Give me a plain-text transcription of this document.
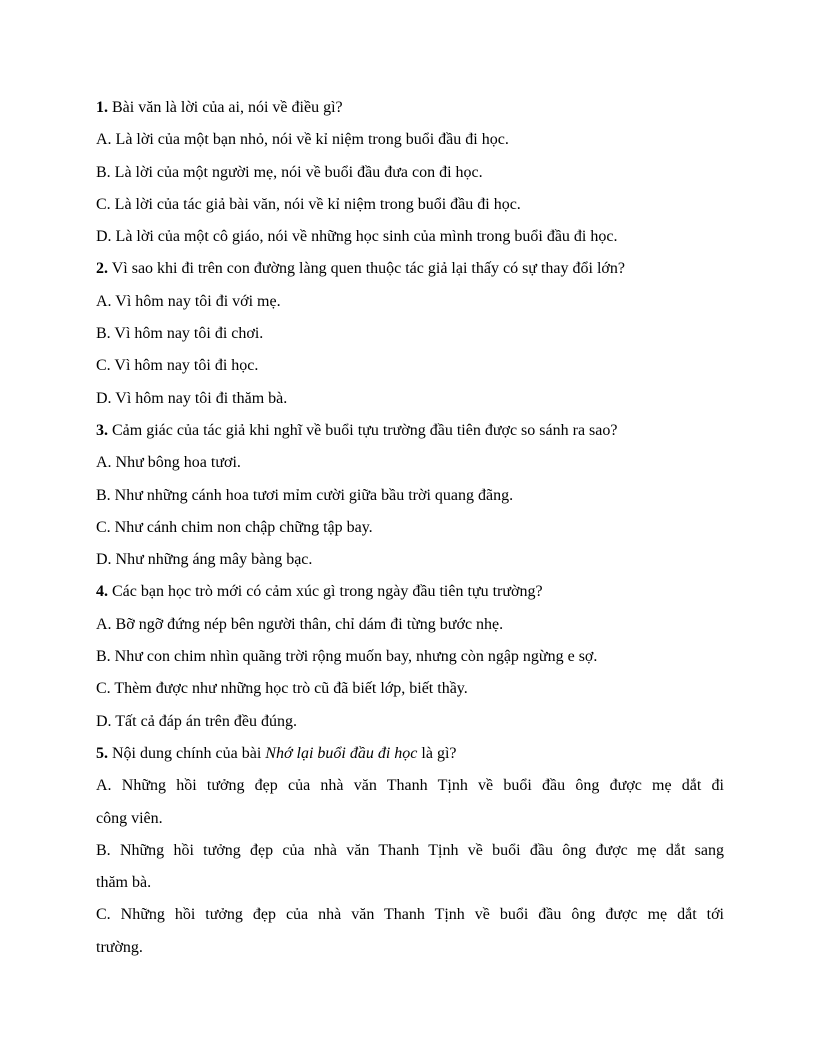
1. Bài văn là lời của ai, nói về điều gì?
A. Là lời của một bạn nhỏ, nói về kỉ niệm trong buổi đầu đi học.
B. Là lời của một người mẹ, nói về buổi đầu đưa con đi học.
C. Là lời của tác giả bài văn, nói về kỉ niệm trong buổi đầu đi học.
D. Là lời của một cô giáo, nói về những học sinh của mình trong buổi đầu đi học.
2. Vì sao khi đi trên con đường làng quen thuộc tác giả lại thấy có sự thay đổi lớn?
A. Vì hôm nay tôi đi với mẹ.
B. Vì hôm nay tôi đi chơi.
C. Vì hôm nay tôi đi học.
D. Vì hôm nay tôi đi thăm bà.
3. Cảm giác của tác giả khi nghĩ về buổi tựu trường đầu tiên được so sánh ra sao?
A. Như bông hoa tươi.
B. Như những cánh hoa tươi mỉm cười giữa bầu trời quang đãng.
C. Như cánh chim non chập chững tập bay.
D. Như những áng mây bàng bạc.
4. Các bạn học trò mới có cảm xúc gì trong ngày đầu tiên tựu trường?
A. Bỡ ngỡ đứng nép bên người thân, chỉ dám đi từng bước nhẹ.
B. Như con chim nhìn quãng trời rộng muốn bay, nhưng còn ngập ngừng e sợ.
C. Thèm được như những học trò cũ đã biết lớp, biết thầy.
D. Tất cả đáp án trên đều đúng.
5. Nội dung chính của bài Nhớ lại buổi đầu đi học là gì?
A. Những hồi tưởng đẹp của nhà văn Thanh Tịnh về buổi đầu ông được mẹ dắt đi
công viên.
B. Những hồi tưởng đẹp của nhà văn Thanh Tịnh về buổi đầu ông được mẹ dắt sang
thăm bà.
C. Những hồi tưởng đẹp của nhà văn Thanh Tịnh về buổi đầu ông được mẹ dắt tới
trường.
